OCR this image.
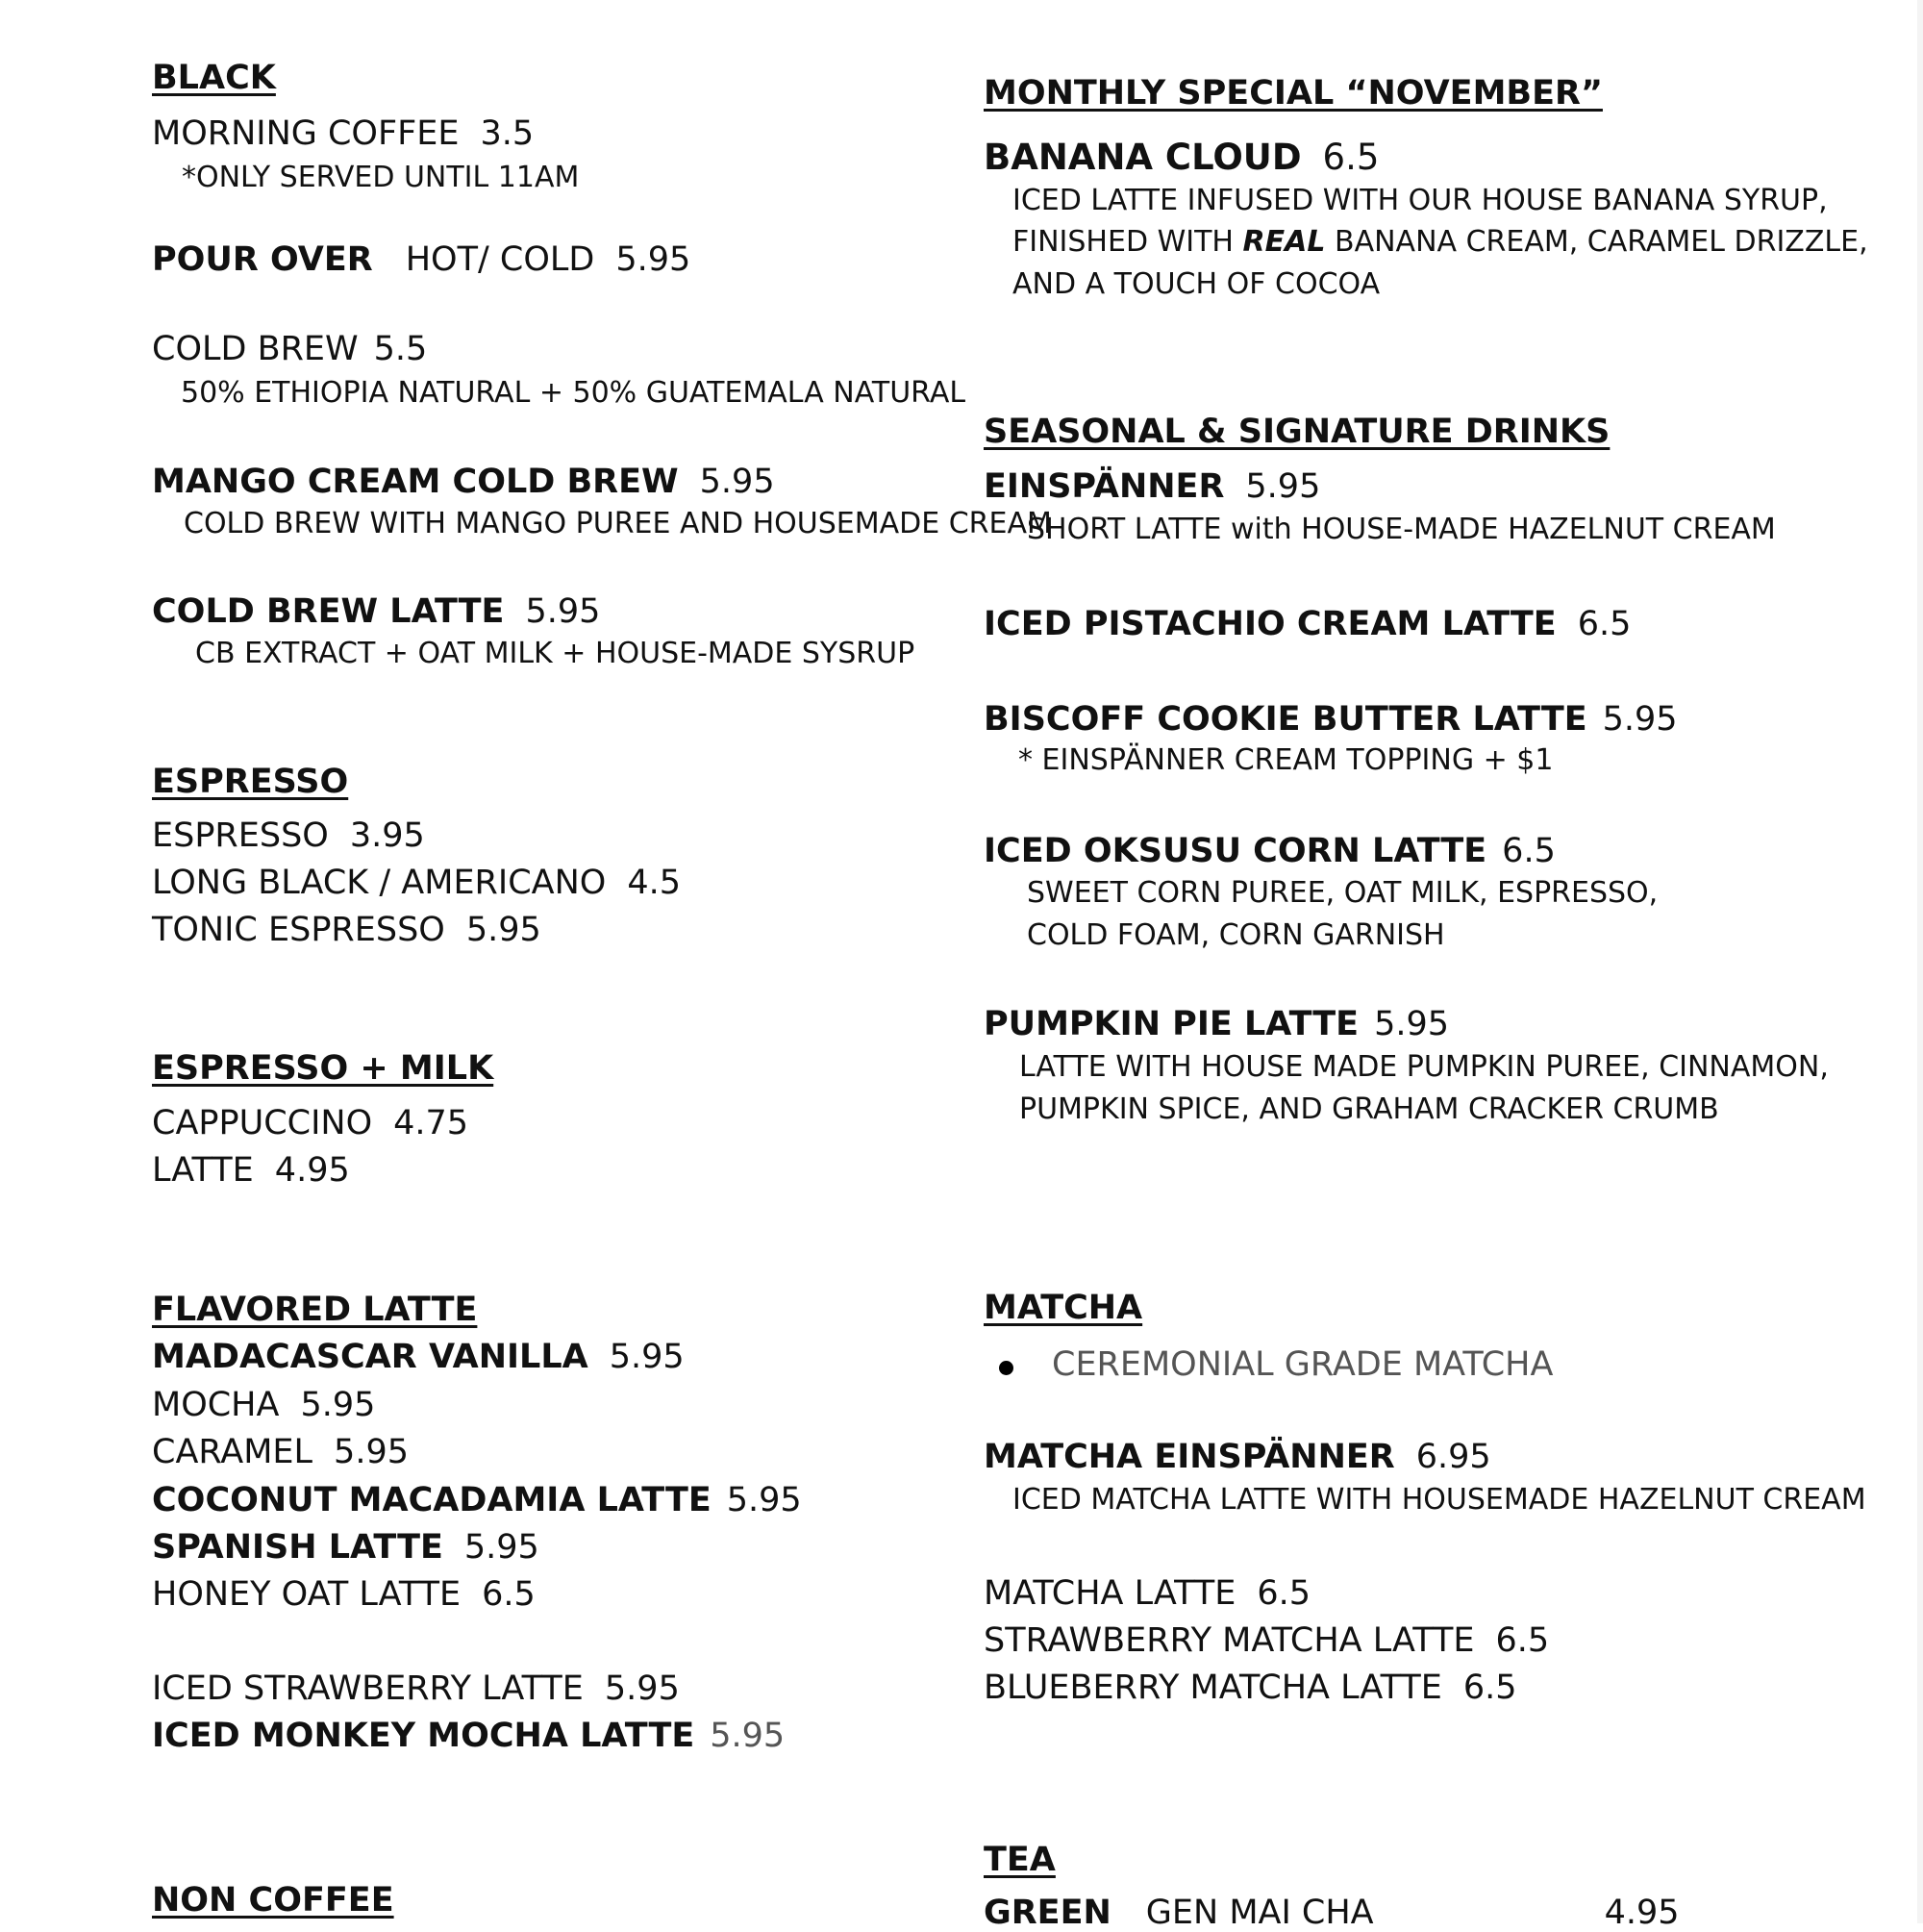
BLACK
MORNING COFFEE 3.5
*ONLY SERVED UNTIL 11AM
POUR OVER HOT/ COLD 5.95
COLD BREW 5.5
50% ETHIOPIA NATURAL + 50% GUATEMALA NATURAL
MANGO CREAM COLD BREW 5.95
COLD BREW WITH MANGO PUREE AND HOUSEMADE CREAM
COLD BREW LATTE 5.95
CB EXTRACT + OAT MILK + HOUSE-MADE SYSRUP
ESPRESSO
ESPRESSO 3.95
LONG BLACK / AMERICANO 4.5
TONIC ESPRESSO 5.95
ESPRESSO + MILK
CAPPUCCINO 4.75
LATTE 4.95
FLAVORED LATTE
MADACASCAR VANILLA 5.95
MOCHA 5.95
CARAMEL 5.95
COCONUT MACADAMIA LATTE 5.95
SPANISH LATTE 5.95
HONEY OAT LATTE 6.5
ICED STRAWBERRY LATTE 5.95
ICED MONKEY MOCHA LATTE 5.95
NON COFFEE
MONTHLY SPECIAL “NOVEMBER”
BANANA CLOUD 6.5
ICED LATTE INFUSED WITH OUR HOUSE BANANA SYRUP,
FINISHED WITH REAL BANANA CREAM, CARAMEL DRIZZLE,
AND A TOUCH OF COCOA
SEASONAL & SIGNATURE DRINKS
EINSPÄNNER 5.95
SHORT LATTE with HOUSE-MADE HAZELNUT CREAM
ICED PISTACHIO CREAM LATTE 6.5
BISCOFF COOKIE BUTTER LATTE 5.95
* EINSPÄNNER CREAM TOPPING + $1
ICED OKSUSU CORN LATTE 6.5
SWEET CORN PUREE, OAT MILK, ESPRESSO,
COLD FOAM, CORN GARNISH
PUMPKIN PIE LATTE 5.95
LATTE WITH HOUSE MADE PUMPKIN PUREE, CINNAMON,
PUMPKIN SPICE, AND GRAHAM CRACKER CRUMB
MATCHA
CEREMONIAL GRADE MATCHA
MATCHA EINSPÄNNER 6.95
ICED MATCHA LATTE WITH HOUSEMADE HAZELNUT CREAM
MATCHA LATTE 6.5
STRAWBERRY MATCHA LATTE 6.5
BLUEBERRY MATCHA LATTE 6.5
TEA
GREEN GEN MAI CHA	4.95
